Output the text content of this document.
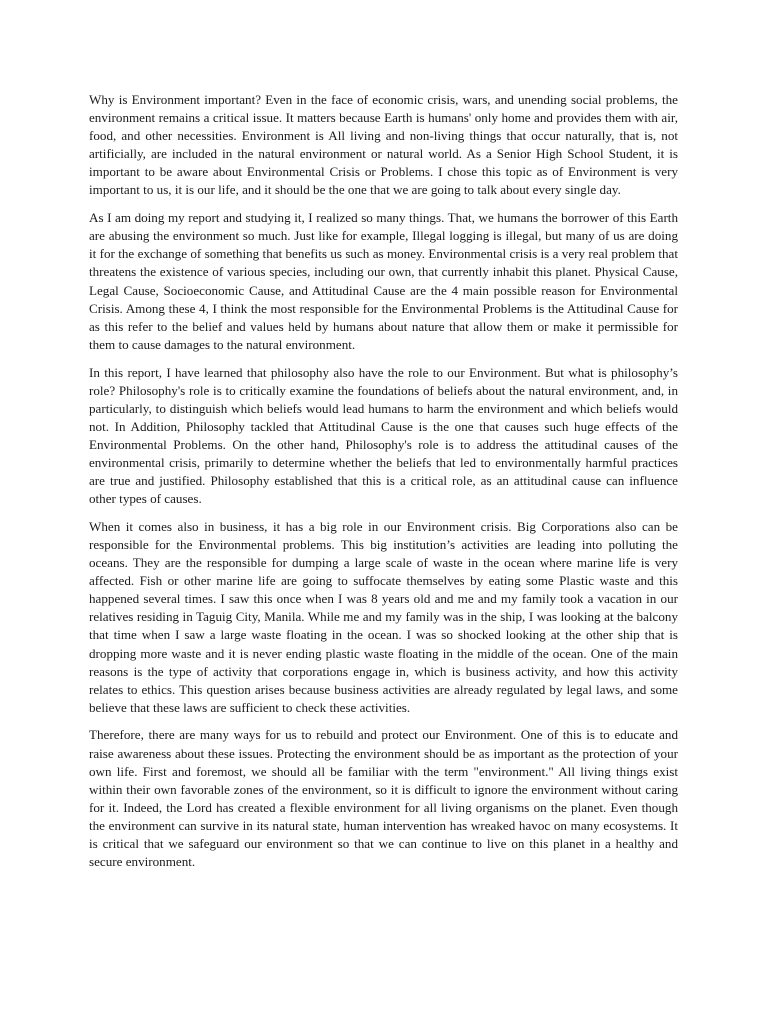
Why is Environment important? Even in the face of economic crisis, wars, and unending social problems, the environment remains a critical issue. It matters because Earth is humans' only home and provides them with air, food, and other necessities. Environment is All living and non-living things that occur naturally, that is, not artificially, are included in the natural environment or natural world. As a Senior High School Student, it is important to be aware about Environmental Crisis or Problems. I chose this topic as of Environment is very important to us, it is our life, and it should be the one that we are going to talk about every single day.

As I am doing my report and studying it, I realized so many things. That, we humans the borrower of this Earth are abusing the environment so much. Just like for example, Illegal logging is illegal, but many of us are doing it for the exchange of something that benefits us such as money. Environmental crisis is a very real problem that threatens the existence of various species, including our own, that currently inhabit this planet. Physical Cause, Legal Cause, Socioeconomic Cause, and Attitudinal Cause are the 4 main possible reason for Environmental Crisis. Among these 4, I think the most responsible for the Environmental Problems is the Attitudinal Cause for as this refer to the belief and values held by humans about nature that allow them or make it permissible for them to cause damages to the natural environment.

In this report, I have learned that philosophy also have the role to our Environment. But what is philosophy’s role? Philosophy's role is to critically examine the foundations of beliefs about the natural environment, and, in particularly, to distinguish which beliefs would lead humans to harm the environment and which beliefs would not. In Addition, Philosophy tackled that Attitudinal Cause is the one that causes such huge effects of the Environmental Problems. On the other hand, Philosophy's role is to address the attitudinal causes of the environmental crisis, primarily to determine whether the beliefs that led to environmentally harmful practices are true and justified. Philosophy established that this is a critical role, as an attitudinal cause can influence other types of causes.

When it comes also in business, it has a big role in our Environment crisis. Big Corporations also can be responsible for the Environmental problems. This big institution’s activities are leading into polluting the oceans. They are the responsible for dumping a large scale of waste in the ocean where marine life is very affected. Fish or other marine life are going to suffocate themselves by eating some Plastic waste and this happened several times. I saw this once when I was 8 years old and me and my family took a vacation in our relatives residing in Taguig City, Manila. While me and my family was in the ship, I was looking at the balcony that time when I saw a large waste floating in the ocean. I was so shocked looking at the other ship that is dropping more waste and it is never ending plastic waste floating in the middle of the ocean. One of the main reasons is the type of activity that corporations engage in, which is business activity, and how this activity relates to ethics. This question arises because business activities are already regulated by legal laws, and some believe that these laws are sufficient to check these activities.

Therefore, there are many ways for us to rebuild and protect our Environment. One of this is to educate and raise awareness about these issues. Protecting the environment should be as important as the protection of your own life. First and foremost, we should all be familiar with the term "environment." All living things exist within their own favorable zones of the environment, so it is difficult to ignore the environment without caring for it. Indeed, the Lord has created a flexible environment for all living organisms on the planet. Even though the environment can survive in its natural state, human intervention has wreaked havoc on many ecosystems. It is critical that we safeguard our environment so that we can continue to live on this planet in a healthy and secure environment.
